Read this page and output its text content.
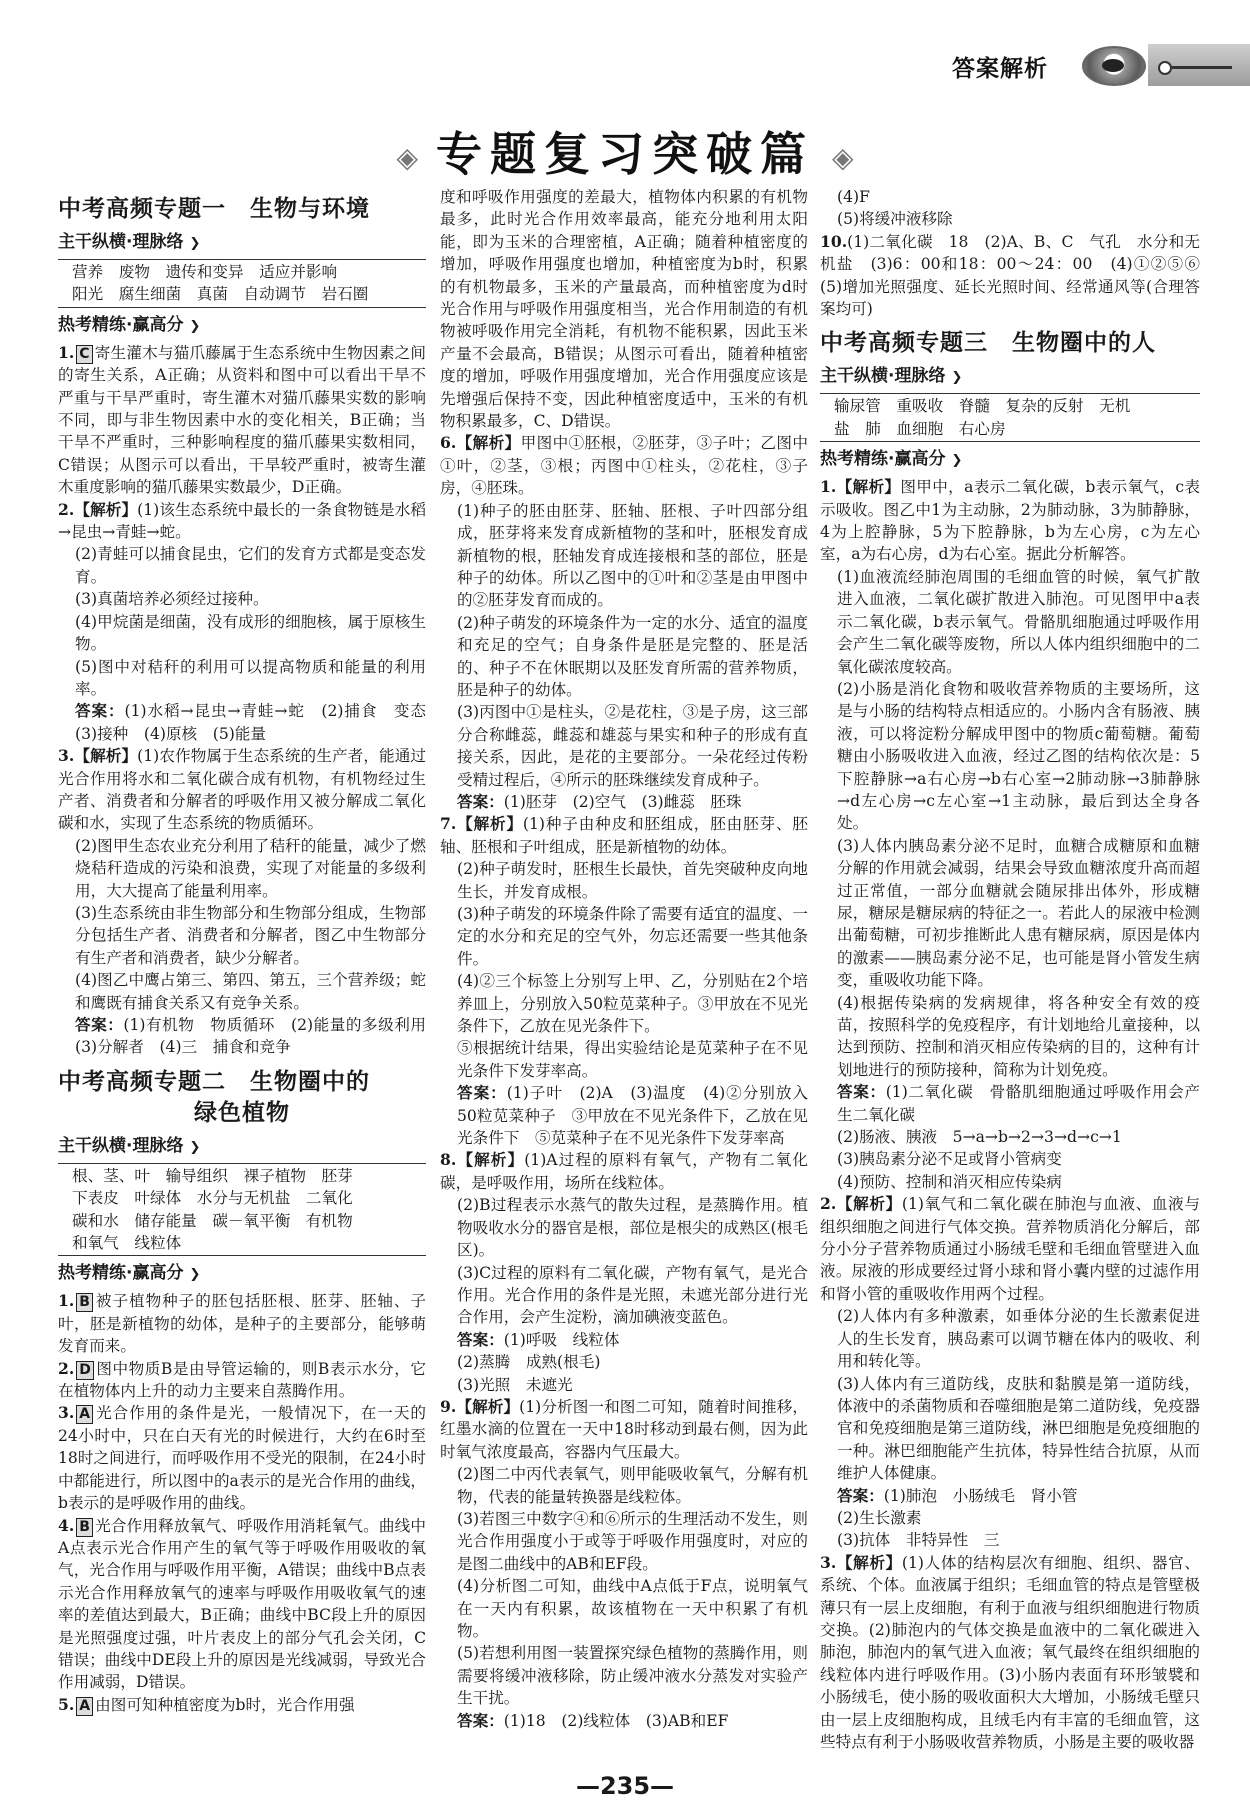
答案解析
◈ 专题复习突破篇 ◈
中考高频专题一　生物与环境
主干纵横·理脉络 ❯
营养　废物　遗传和变异　适应并影响
阳光　腐生细菌　真菌　自动调节　岩石圈
热考精练·赢高分 ❯

1. C 寄生灌木与猫爪藤属于生态系统中生物因素之间的寄生关系，A正确；从资料和图中可以看出干旱不严重与干旱严重时，寄生灌木对猫爪藤果实数的影响不同，即与非生物因素中水的变化相关，B正确；当干旱不严重时，三种影响程度的猫爪藤果实数相同，C错误；从图示可以看出，干旱较严重时，被寄生灌木重度影响的猫爪藤果实数最少，D正确。

2.【解析】(1)该生态系统中最长的一条食物链是水稻→昆虫→青蛙→蛇。

(2)青蛙可以捕食昆虫，它们的发育方式都是变态发育。

(3)真菌培养必须经过接种。

(4)甲烷菌是细菌，没有成形的细胞核，属于原核生物。

(5)图中对秸秆的利用可以提高物质和能量的利用率。

答案：(1)水稻→昆虫→青蛙→蛇　(2)捕食　变态　(3)接种　(4)原核　(5)能量

3.【解析】(1)农作物属于生态系统的生产者，能通过光合作用将水和二氧化碳合成有机物，有机物经过生产者、消费者和分解者的呼吸作用又被分解成二氧化碳和水，实现了生态系统的物质循环。

(2)图甲生态农业充分利用了秸秆的能量，减少了燃烧秸秆造成的污染和浪费，实现了对能量的多级利用，大大提高了能量利用率。

(3)生态系统由非生物部分和生物部分组成，生物部分包括生产者、消费者和分解者，图乙中生物部分有生产者和消费者，缺少分解者。

(4)图乙中鹰占第三、第四、第五，三个营养级；蛇和鹰既有捕食关系又有竞争关系。

答案：(1)有机物　物质循环　(2)能量的多级利用　(3)分解者　(4)三　捕食和竞争

中考高频专题二　生物圈中的
绿色植物
主干纵横·理脉络 ❯
根、茎、叶　输导组织　裸子植物　胚芽
下表皮　叶绿体　水分与无机盐　二氧化
碳和水　储存能量　碳－氧平衡　有机物
和氧气　线粒体
热考精练·赢高分 ❯

1. B 被子植物种子的胚包括胚根、胚芽、胚轴、子叶，胚是新植物的幼体，是种子的主要部分，能够萌发育而来。

2. D 图中物质B是由导管运输的，则B表示水分，它在植物体内上升的动力主要来自蒸腾作用。

3. A 光合作用的条件是光，一般情况下，在一天的24小时中，只在白天有光的时候进行，大约在6时至18时之间进行，而呼吸作用不受光的限制，在24小时中都能进行，所以图中的a表示的是光合作用的曲线，b表示的是呼吸作用的曲线。

4. B 光合作用释放氧气、呼吸作用消耗氧气。曲线中A点表示光合作用产生的氧气等于呼吸作用吸收的氧气，光合作用与呼吸作用平衡，A错误；曲线中B点表示光合作用释放氧气的速率与呼吸作用吸收氧气的速率的差值达到最大，B正确；曲线中BC段上升的原因是光照强度过强，叶片表皮上的部分气孔会关闭，C错误；曲线中DE段上升的原因是光线减弱，导致光合作用减弱，D错误。

5. A 由图可知种植密度为b时，光合作用强

度和呼吸作用强度的差最大，植物体内积累的有机物最多，此时光合作用效率最高，能充分地利用太阳能，即为玉米的合理密植，A正确；随着种植密度的增加，呼吸作用强度也增加，种植密度为b时，积累的有机物最多，玉米的产量最高，而种植密度为d时光合作用与呼吸作用强度相当，光合作用制造的有机物被呼吸作用完全消耗，有机物不能积累，因此玉米产量不会最高，B错误；从图示可看出，随着种植密度的增加，呼吸作用强度增加，光合作用强度应该是先增强后保持不变，因此种植密度适中，玉米的有机物积累最多，C、D错误。

6.【解析】甲图中①胚根，②胚芽，③子叶；乙图中①叶，②茎，③根；丙图中①柱头，②花柱，③子房，④胚珠。

(1)种子的胚由胚芽、胚轴、胚根、子叶四部分组成，胚芽将来发育成新植物的茎和叶，胚根发育成新植物的根，胚轴发育成连接根和茎的部位，胚是种子的幼体。所以乙图中的①叶和②茎是由甲图中的②胚芽发育而成的。

(2)种子萌发的环境条件为一定的水分、适宜的温度和充足的空气；自身条件是胚是完整的、胚是活的、种子不在休眠期以及胚发育所需的营养物质，胚是种子的幼体。

(3)丙图中①是柱头，②是花柱，③是子房，这三部分合称雌蕊，雌蕊和雄蕊与果实和种子的形成有直接关系，因此，是花的主要部分。一朵花经过传粉受精过程后，④所示的胚珠继续发育成种子。

答案：(1)胚芽　(2)空气　(3)雌蕊　胚珠

7.【解析】(1)种子由种皮和胚组成，胚由胚芽、胚轴、胚根和子叶组成，胚是新植物的幼体。

(2)种子萌发时，胚根生长最快，首先突破种皮向地生长，并发育成根。

(3)种子萌发的环境条件除了需要有适宜的温度、一定的水分和充足的空气外，勿忘还需要一些其他条件。

(4)②三个标签上分别写上甲、乙，分别贴在2个培养皿上，分别放入50粒苋菜种子。③甲放在不见光条件下，乙放在见光条件下。

⑤根据统计结果，得出实验结论是苋菜种子在不见光条件下发芽率高。

答案：(1)子叶　(2)A　(3)温度　(4)②分别放入50粒苋菜种子　③甲放在不见光条件下，乙放在见光条件下　⑤苋菜种子在不见光条件下发芽率高

8.【解析】(1)A过程的原料有氧气，产物有二氧化碳，是呼吸作用，场所在线粒体。

(2)B过程表示水蒸气的散失过程，是蒸腾作用。植物吸收水分的器官是根，部位是根尖的成熟区(根毛区)。

(3)C过程的原料有二氧化碳，产物有氧气，是光合作用。光合作用的条件是光照，未遮光部分进行光合作用，会产生淀粉，滴加碘液变蓝色。

答案：(1)呼吸　线粒体

(2)蒸腾　成熟(根毛)

(3)光照　未遮光

9.【解析】(1)分析图一和图二可知，随着时间推移，红墨水滴的位置在一天中18时移动到最右侧，因为此时氧气浓度最高，容器内气压最大。

(2)图二中丙代表氧气，则甲能吸收氧气，分解有机物，代表的能量转换器是线粒体。

(3)若图三中数字④和⑥所示的生理活动不发生，则光合作用强度小于或等于呼吸作用强度时，对应的是图二曲线中的AB和EF段。

(4)分析图二可知，曲线中A点低于F点，说明氧气在一天内有积累，故该植物在一天中积累了有机物。

(5)若想利用图一装置探究绿色植物的蒸腾作用，则需要将缓冲液移除，防止缓冲液水分蒸发对实验产生干扰。

答案：(1)18　(2)线粒体　(3)AB和EF

(4)F

(5)将缓冲液移除

10.(1)二氧化碳　18　(2)A、B、C　气孔　水分和无机盐　(3)6：00和18：00～24：00　(4)①②⑤⑥　(5)增加光照强度、延长光照时间、经常通风等(合理答案均可)

中考高频专题三　生物圈中的人
主干纵横·理脉络 ❯
输尿管　重吸收　脊髓　复杂的反射　无机
盐　肺　血细胞　右心房
热考精练·赢高分 ❯

1.【解析】图甲中，a表示二氧化碳，b表示氧气，c表示吸收。图乙中1为主动脉，2为肺动脉，3为肺静脉，4为上腔静脉，5为下腔静脉，b为左心房，c为左心室，a为右心房，d为右心室。据此分析解答。

(1)血液流经肺泡周围的毛细血管的时候，氧气扩散进入血液，二氧化碳扩散进入肺泡。可见图甲中a表示二氧化碳，b表示氧气。骨骼肌细胞通过呼吸作用会产生二氧化碳等废物，所以人体内组织细胞中的二氧化碳浓度较高。

(2)小肠是消化食物和吸收营养物质的主要场所，这是与小肠的结构特点相适应的。小肠内含有肠液、胰液，可以将淀粉分解成甲图中的物质c葡萄糖。葡萄糖由小肠吸收进入血液，经过乙图的结构依次是：5下腔静脉→a右心房→b右心室→2肺动脉→3肺静脉→d左心房→c左心室→1主动脉，最后到达全身各处。

(3)人体内胰岛素分泌不足时，血糖合成糖原和血糖分解的作用就会减弱，结果会导致血糖浓度升高而超过正常值，一部分血糖就会随尿排出体外，形成糖尿，糖尿是糖尿病的特征之一。若此人的尿液中检测出葡萄糖，可初步推断此人患有糖尿病，原因是体内的激素——胰岛素分泌不足，也可能是肾小管发生病变，重吸收功能下降。

(4)根据传染病的发病规律，将各种安全有效的疫苗，按照科学的免疫程序，有计划地给儿童接种，以达到预防、控制和消灭相应传染病的目的，这种有计划地进行的预防接种，简称为计划免疫。

答案：(1)二氧化碳　骨骼肌细胞通过呼吸作用会产生二氧化碳

(2)肠液、胰液　5→a→b→2→3→d→c→1

(3)胰岛素分泌不足或肾小管病变

(4)预防、控制和消灭相应传染病

2.【解析】(1)氧气和二氧化碳在肺泡与血液、血液与组织细胞之间进行气体交换。营养物质消化分解后，部分小分子营养物质通过小肠绒毛壁和毛细血管壁进入血液。尿液的形成要经过肾小球和肾小囊内壁的过滤作用和肾小管的重吸收作用两个过程。

(2)人体内有多种激素，如垂体分泌的生长激素促进人的生长发育，胰岛素可以调节糖在体内的吸收、利用和转化等。

(3)人体内有三道防线，皮肤和黏膜是第一道防线，体液中的杀菌物质和吞噬细胞是第二道防线，免疫器官和免疫细胞是第三道防线，淋巴细胞是免疫细胞的一种。淋巴细胞能产生抗体，特异性结合抗原，从而维护人体健康。

答案：(1)肺泡　小肠绒毛　肾小管

(2)生长激素

(3)抗体　非特异性　三

3.【解析】(1)人体的结构层次有细胞、组织、器官、系统、个体。血液属于组织；毛细血管的特点是管壁极薄只有一层上皮细胞，有利于血液与组织细胞进行物质交换。(2)肺泡内的气体交换是血液中的二氧化碳进入肺泡，肺泡内的氧气进入血液；氧气最终在组织细胞的线粒体内进行呼吸作用。(3)小肠内表面有环形皱襞和小肠绒毛，使小肠的吸收面积大大增加，小肠绒毛壁只由一层上皮细胞构成，且绒毛内有丰富的毛细血管，这些特点有利于小肠吸收营养物质，小肠是主要的吸收器

—235—
